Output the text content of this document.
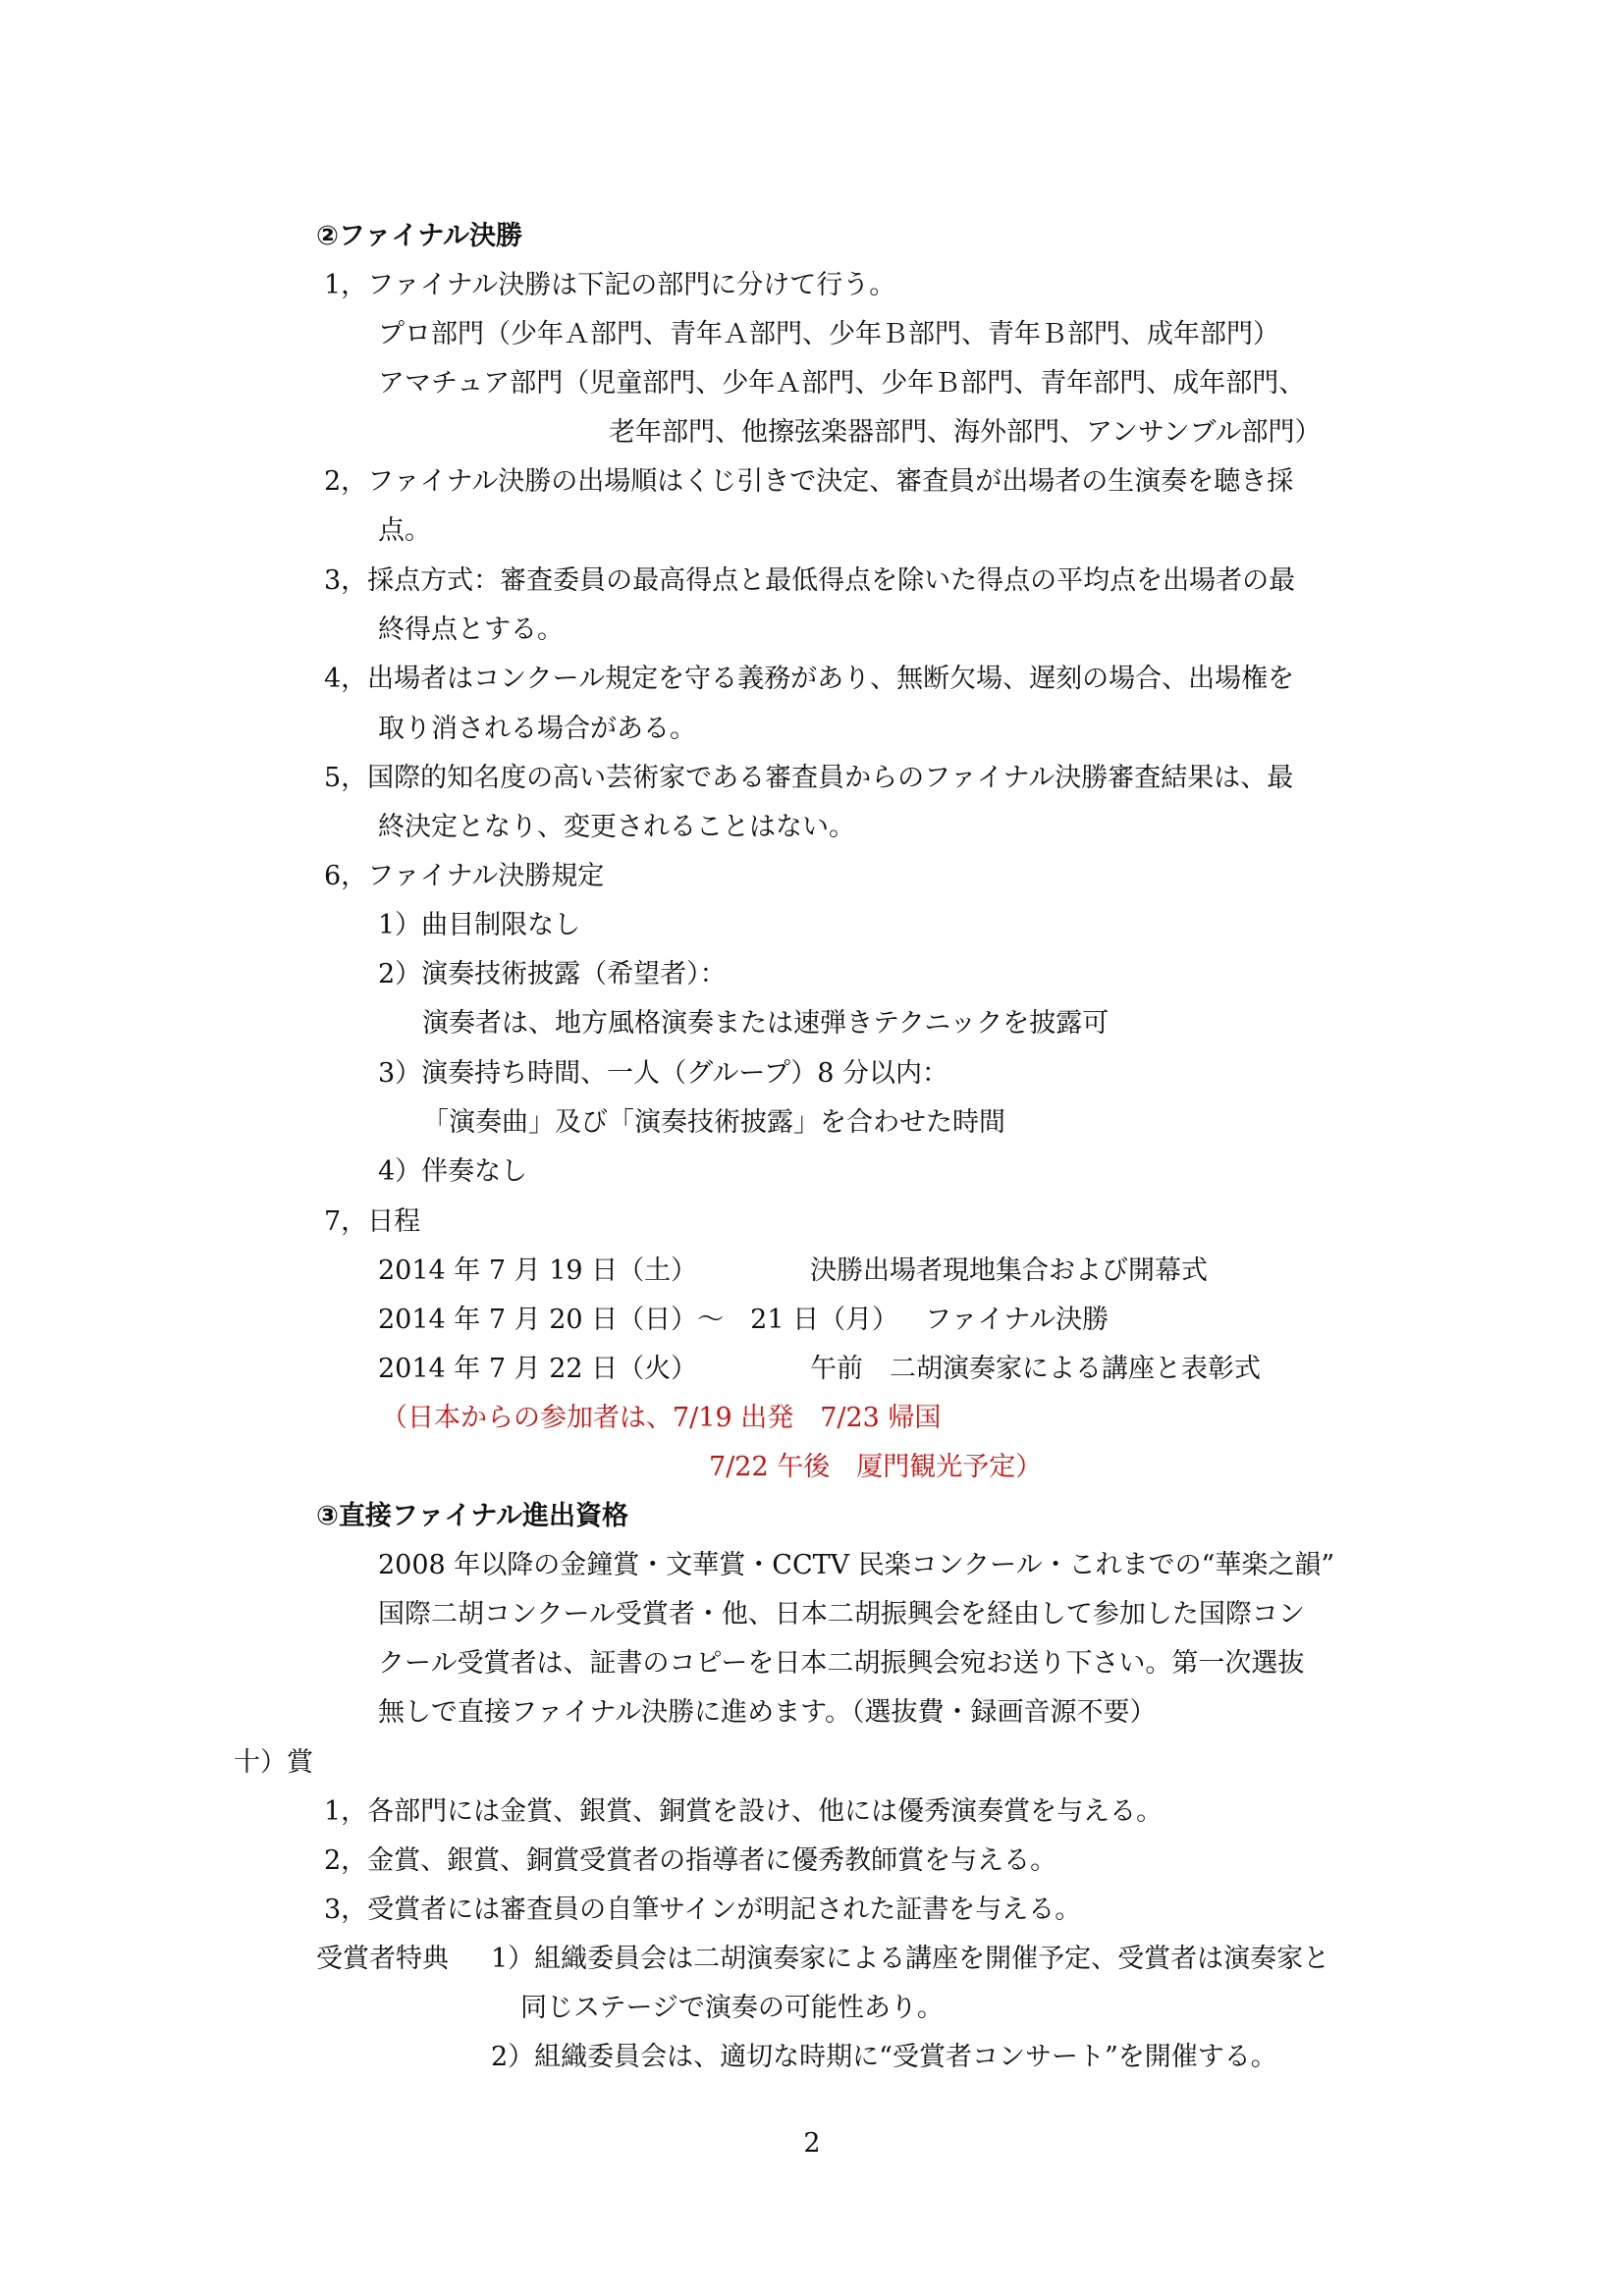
②ファイナル決勝
1，ファイナル決勝は下記の部門に分けて行う。
プロ部門（少年Ａ部門、青年Ａ部門、少年Ｂ部門、青年Ｂ部門、成年部門）
アマチュア部門（児童部門、少年Ａ部門、少年Ｂ部門、青年部門、成年部門、
老年部門、他擦弦楽器部門、海外部門、アンサンブル部門）
2，ファイナル決勝の出場順はくじ引きで決定、審査員が出場者の生演奏を聴き採
点。
3，採点方式：審査委員の最高得点と最低得点を除いた得点の平均点を出場者の最
終得点とする。
4，出場者はコンクール規定を守る義務があり、無断欠場、遅刻の場合、出場権を
取り消される場合がある。
5，国際的知名度の高い芸術家である審査員からのファイナル決勝審査結果は、最
終決定となり、変更されることはない。
6，ファイナル決勝規定
1）曲目制限なし
2）演奏技術披露（希望者）：
演奏者は、地方風格演奏または速弾きテクニックを披露可
3）演奏持ち時間、一人（グループ）8 分以内：
「演奏曲」及び「演奏技術披露」を合わせた時間
4）伴奏なし
7，日程
2014 年 7 月 19 日（土）	決勝出場者現地集合および開幕式
2014 年 7 月 20 日（日）～　21 日（月） ファイナル決勝
2014 年 7 月 22 日（火）	午前　二胡演奏家による講座と表彰式
（日本からの参加者は、7/19 出発　7/23 帰国
7/22 午後　厦門観光予定）
③直接ファイナル進出資格
2008 年以降の金鐘賞・文華賞・CCTV 民楽コンクール・これまでの“華楽之韻”
国際二胡コンクール受賞者・他、日本二胡振興会を経由して参加した国際コン
クール受賞者は、証書のコピーを日本二胡振興会宛お送り下さい。第一次選抜
無しで直接ファイナル決勝に進めます。（選抜費・録画音源不要）
十）賞
1，各部門には金賞、銀賞、銅賞を設け、他には優秀演奏賞を与える。
2，金賞、銀賞、銅賞受賞者の指導者に優秀教師賞を与える。
3，受賞者には審査員の自筆サインが明記された証書を与える。
受賞者特典 1）組織委員会は二胡演奏家による講座を開催予定、受賞者は演奏家と
同じステージで演奏の可能性あり。
2）組織委員会は、適切な時期に“受賞者コンサート”を開催する。
2
